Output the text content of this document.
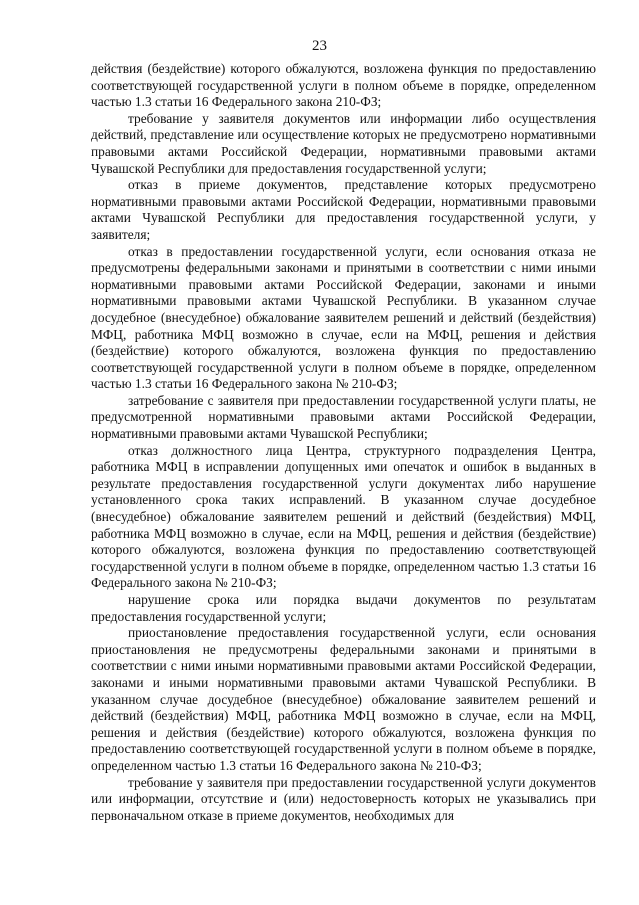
23

действия (бездействие) которого обжалуются, возложена функция по предоставлению соответствующей государственной услуги в полном объеме в порядке, определенном частью 1.3 статьи 16 Федерального закона 210-ФЗ;

требование у заявителя документов или информации либо осуществления действий, представление или осуществление которых не предусмотрено нормативными правовыми актами Российской Федерации, нормативными правовыми актами Чувашской Республики для предоставления государственной услуги;

отказ в приеме документов, представление которых предусмотрено нормативными правовыми актами Российской Федерации, нормативными правовыми актами Чувашской Республики для предоставления государственной услуги, у заявителя;

отказ в предоставлении государственной услуги, если основания отказа не предусмотрены федеральными законами и принятыми в соответствии с ними иными нормативными правовыми актами Российской Федерации, законами и иными нормативными правовыми актами Чувашской Республики. В указанном случае досудебное (внесудебное) обжалование заявителем решений и действий (бездействия) МФЦ, работника МФЦ возможно в случае, если на МФЦ, решения и действия (бездействие) которого обжалуются, возложена функция по предоставлению соответствующей государственной услуги в полном объеме в порядке, определенном частью 1.3 статьи 16 Федерального закона № 210-ФЗ;

затребование с заявителя при предоставлении государственной услуги платы, не предусмотренной нормативными правовыми актами Российской Федерации, нормативными правовыми актами Чувашской Республики;

отказ должностного лица Центра, структурного подразделения Центра, работника МФЦ в исправлении допущенных ими опечаток и ошибок в выданных в результате предоставления государственной услуги документах либо нарушение установленного срока таких исправлений. В указанном случае досудебное (внесудебное) обжалование заявителем решений и действий (бездействия) МФЦ, работника МФЦ возможно в случае, если на МФЦ, решения и действия (бездействие) которого обжалуются, возложена функция по предоставлению соответствующей государственной услуги в полном объеме в порядке, определенном частью 1.3 статьи 16 Федерального закона № 210-ФЗ;

нарушение срока или порядка выдачи документов по результатам предоставления государственной услуги;

приостановление предоставления государственной услуги, если основания приостановления не предусмотрены федеральными законами и принятыми в соответствии с ними иными нормативными правовыми актами Российской Федерации, законами и иными нормативными правовыми актами Чувашской Республики. В указанном случае досудебное (внесудебное) обжалование заявителем решений и действий (бездействия) МФЦ, работника МФЦ возможно в случае, если на МФЦ, решения и действия (бездействие) которого обжалуются, возложена функция по предоставлению соответствующей государственной услуги в полном объеме в порядке, определенном частью 1.3 статьи 16 Федерального закона № 210-ФЗ;

требование у заявителя при предоставлении государственной услуги документов или информации, отсутствие и (или) недостоверность которых не указывались при первоначальном отказе в приеме документов, необходимых для
